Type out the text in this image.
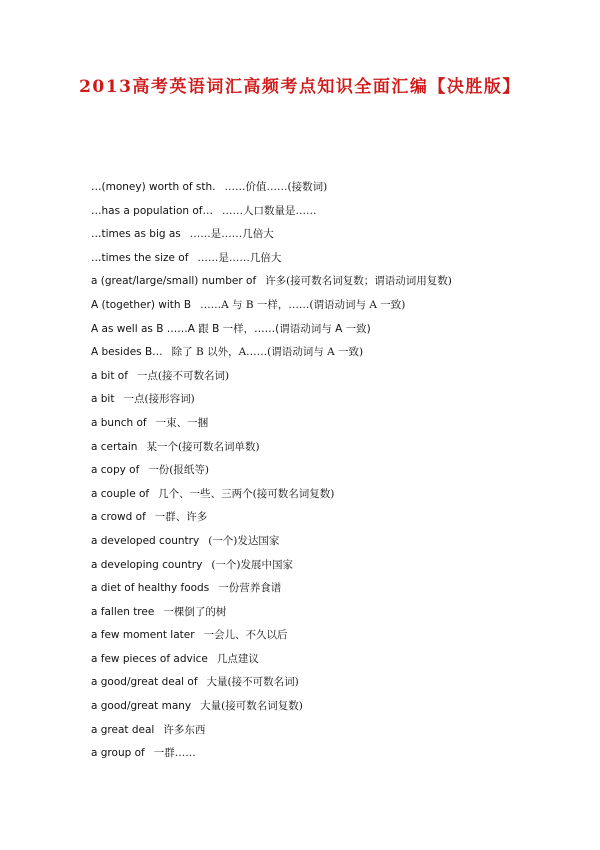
2013高考英语词汇高频考点知识全面汇编【决胜版】
…(money) worth of sth. ……价值……(接数词)
…has a population of… ……人口数量是……
…times as big as ……是……几倍大
…times the size of ……是……几倍大
a (great/large/small) number of 许多(接可数名词复数；谓语动词用复数)
A (together) with B ……A 与 B 一样，……(谓语动词与 A 一致)
A as well as B ……A 跟 B 一样，……(谓语动词与 A 一致)
A besides B… 除了 B 以外，A……(谓语动词与 A 一致)
a bit of 一点(接不可数名词)
a bit 一点(接形容词)
a bunch of 一束、一捆
a certain 某一个(接可数名词单数)
a copy of 一份(报纸等)
a couple of 几个、一些、三两个(接可数名词复数)
a crowd of 一群、许多
a developed country (一个)发达国家
a developing country (一个)发展中国家
a diet of healthy foods 一份营养食谱
a fallen tree 一棵倒了的树
a few moment later 一会儿、不久以后
a few pieces of advice 几点建议
a good/great deal of 大量(接不可数名词)
a good/great many 大量(接可数名词复数)
a great deal 许多东西
a group of 一群……
